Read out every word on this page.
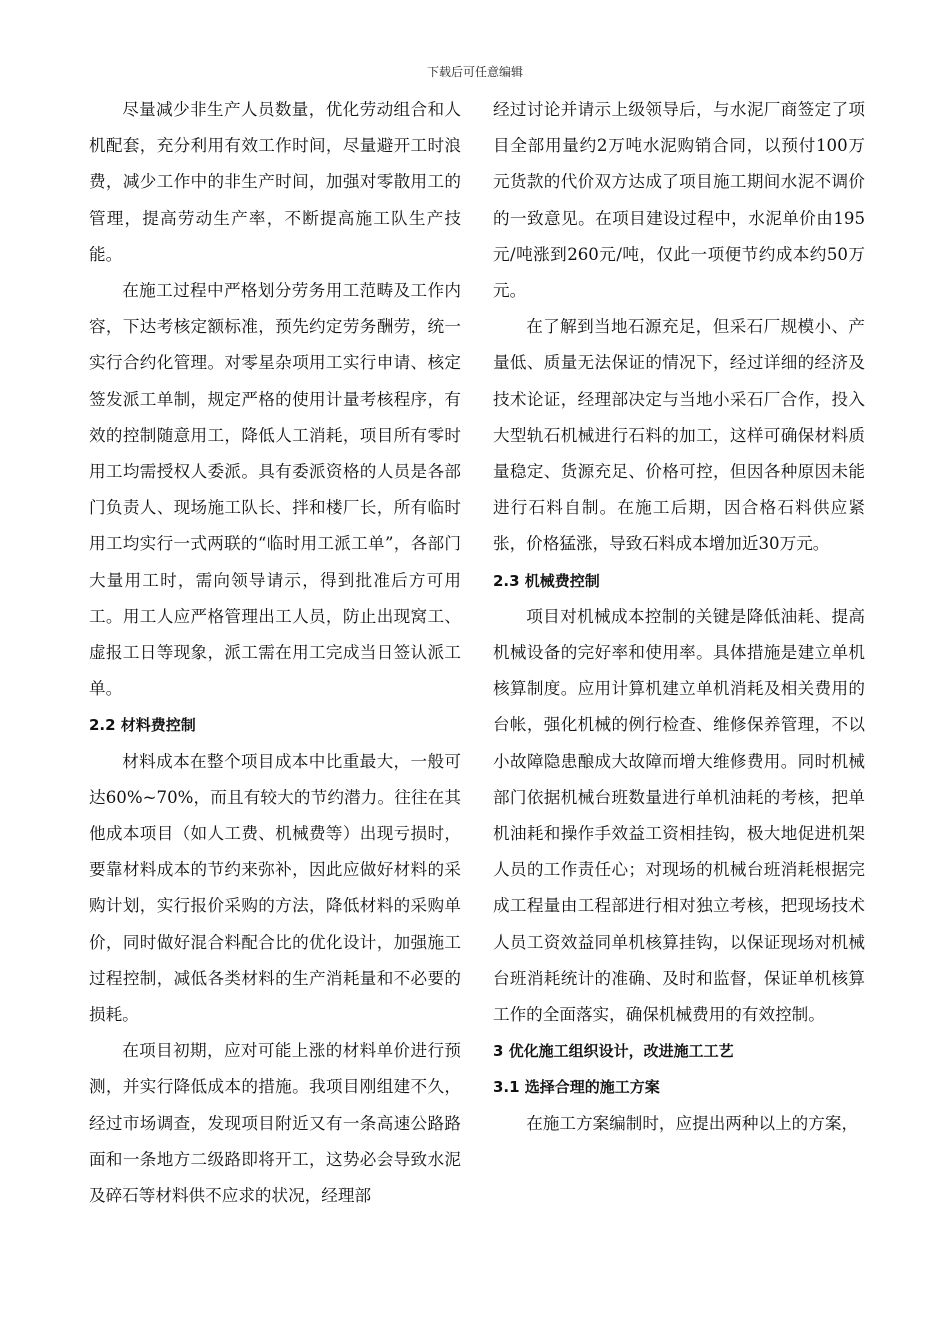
下载后可任意编辑

尽量减少非生产人员数量，优化劳动组合和人机配套，充分利用有效工作时间，尽量避开工时浪费，减少工作中的非生产时间，加强对零散用工的管理，提高劳动生产率，不断提高施工队生产技能。

在施工过程中严格划分劳务用工范畴及工作内容，下达考核定额标准，预先约定劳务酬劳，统一实行合约化管理。对零星杂项用工实行申请、核定签发派工单制，规定严格的使用计量考核程序，有效的控制随意用工，降低人工消耗，项目所有零时用工均需授权人委派。具有委派资格的人员是各部门负责人、现场施工队长、拌和楼厂长，所有临时用工均实行一式两联的“临时用工派工单”，各部门大量用工时，需向领导请示，得到批准后方可用工。用工人应严格管理出工人员，防止出现窝工、虚报工日等现象，派工需在用工完成当日签认派工单。

2.2 材料费控制

材料成本在整个项目成本中比重最大，一般可达60%~70%，而且有较大的节约潜力。往往在其他成本项目（如人工费、机械费等）出现亏损时，要靠材料成本的节约来弥补，因此应做好材料的采购计划，实行报价采购的方法，降低材料的采购单价，同时做好混合料配合比的优化设计，加强施工过程控制，减低各类材料的生产消耗量和不必要的损耗。

在项目初期，应对可能上涨的材料单价进行预测，并实行降低成本的措施。我项目刚组建不久，经过市场调查，发现项目附近又有一条高速公路路面和一条地方二级路即将开工，这势必会导致水泥及碎石等材料供不应求的状况，经理部

经过讨论并请示上级领导后，与水泥厂商签定了项目全部用量约2万吨水泥购销合同，以预付100万元货款的代价双方达成了项目施工期间水泥不调价的一致意见。在项目建设过程中，水泥单价由195元/吨涨到260元/吨，仅此一项便节约成本约50万元。

在了解到当地石源充足，但采石厂规模小、产量低、质量无法保证的情况下，经过详细的经济及技术论证，经理部决定与当地小采石厂合作，投入大型轨石机械进行石料的加工，这样可确保材料质量稳定、货源充足、价格可控，但因各种原因未能进行石料自制。在施工后期，因合格石料供应紧张，价格猛涨，导致石料成本增加近30万元。

2.3 机械费控制

项目对机械成本控制的关键是降低油耗、提高机械设备的完好率和使用率。具体措施是建立单机核算制度。应用计算机建立单机消耗及相关费用的台帐，强化机械的例行检查、维修保养管理，不以小故障隐患酿成大故障而增大维修费用。同时机械部门依据机械台班数量进行单机油耗的考核，把单机油耗和操作手效益工资相挂钩，极大地促进机架人员的工作责任心；对现场的机械台班消耗根据完成工程量由工程部进行相对独立考核，把现场技术人员工资效益同单机核算挂钩，以保证现场对机械台班消耗统计的准确、及时和监督，保证单机核算工作的全面落实，确保机械费用的有效控制。

3 优化施工组织设计，改进施工工艺

3.1 选择合理的施工方案

在施工方案编制时，应提出两种以上的方案，
